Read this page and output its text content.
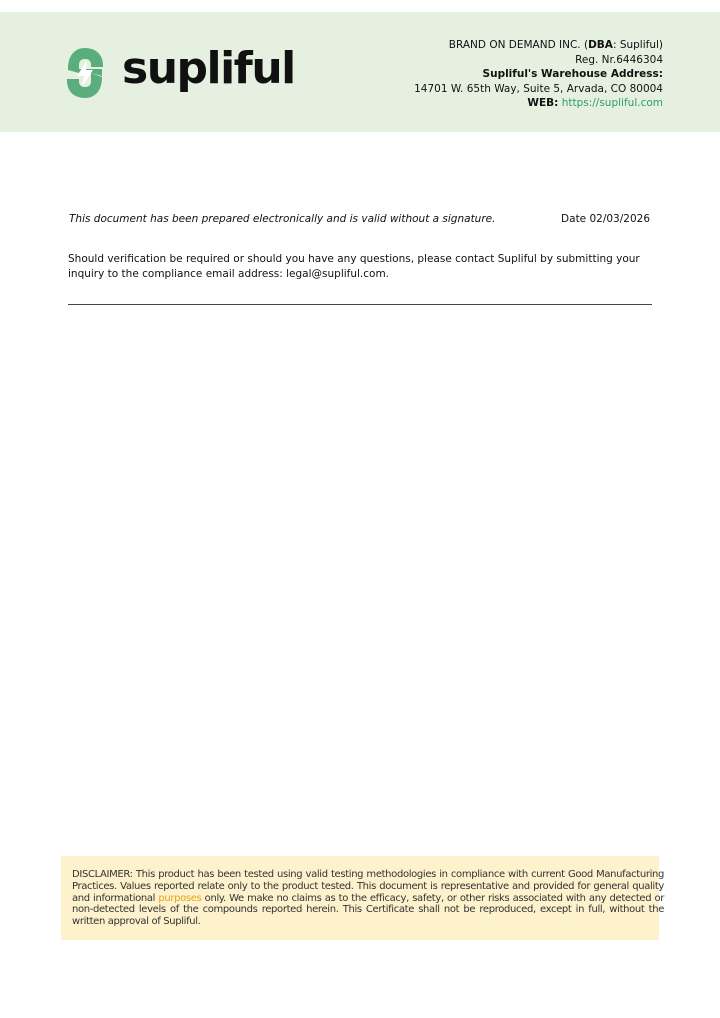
supliful	BRAND ON DEMAND INC. (DBA: Supliful)
Reg. Nr.6446304
Supliful's Warehouse Address:
14701 W. 65th Way, Suite 5, Arvada, CO 80004
WEB: https://supliful.com
This document has been prepared electronically and is valid without a signature.	Date 02/03/2026
Should verification be required or should you have any questions, please contact Supliful by submitting your inquiry to the compliance email address: legal@supliful.com.

DISCLAIMER: This product has been tested using valid testing methodologies in compliance with current Good Manufacturing Practices. Values reported relate only to the product tested. This document is representative and provided for general quality and informational purposes only. We make no claims as to the efficacy, safety, or other risks associated with any detected or non-detected levels of the compounds reported herein. This Certificate shall not be reproduced, except in full, without the written approval of Supliful.
